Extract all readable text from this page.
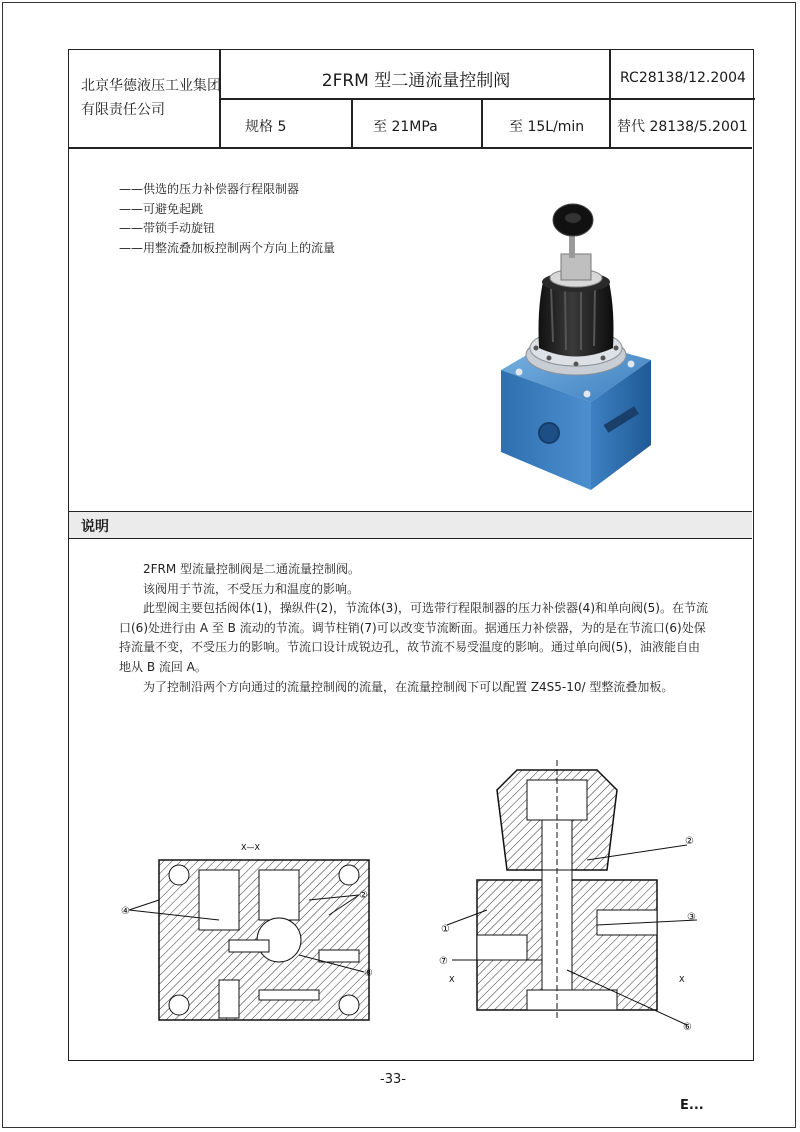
北京华德液压工业集团有限责任公司
2FRM 型二通流量控制阀	RC28138/12.2004
规格 5	至 21MPa	至 15L/min 替代 28138/5.2001
——供选的压力补偿器行程限制器
——可避免起跳
——带锁手动旋钮
——用整流叠加板控制两个方向上的流量
说明

2FRM 型流量控制阀是二通流量控制阀。

该阀用于节流，不受压力和温度的影响。

此型阀主要包括阀体(1)，操纵件(2)，节流体(3)，可选带行程限制器的压力补偿器(4)和单向阀(5)。在节流口(6)处进行由 A 至 B 流动的节流。调节柱销(7)可以改变节流断面。据通压力补偿器，为的是在节流口(6)处保持流量不变，不受压力的影响。节流口设计成锐边孔，故节流不易受温度的影响。通过单向阀(5)，油液能自由地从 B 流回 A。

为了控制沿两个方向通过的流量控制阀的流量，在流量控制阀下可以配置 Z4S5-10/ 型整流叠加板。

X—X
②
④
⑧
②
①
③
⑦
⑥
X	X
-33-
E...
